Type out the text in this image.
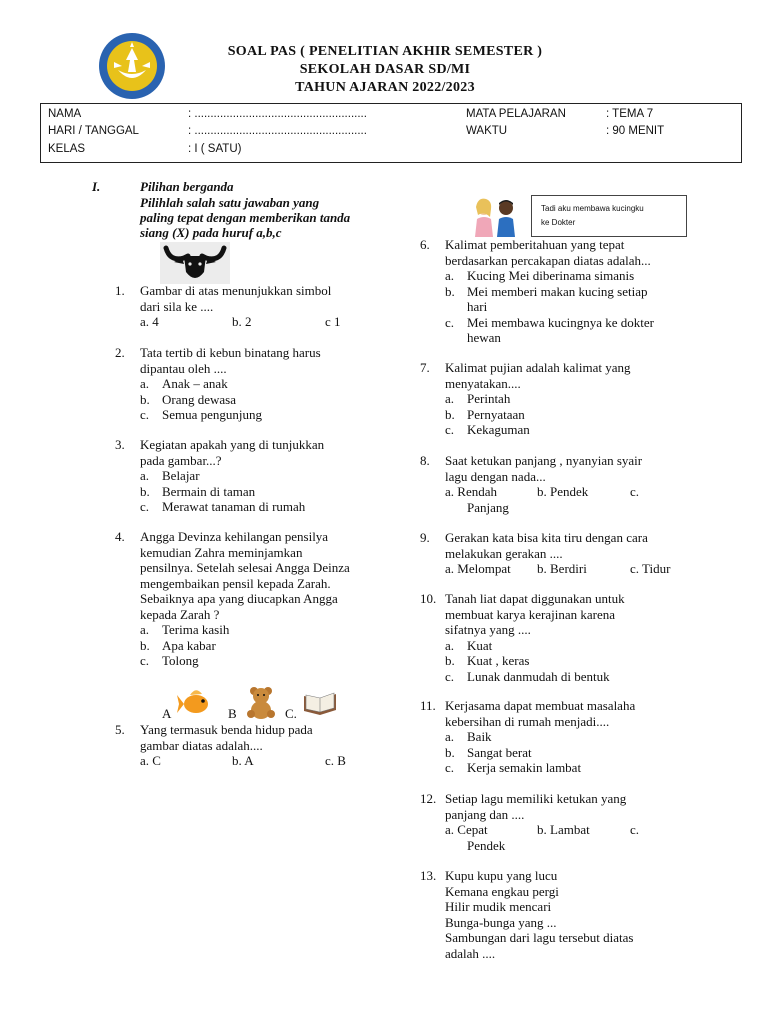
SOAL PAS ( PENELITIAN AKHIR SEMESTER )
SEKOLAH DASAR SD/MI
TAHUN AJARAN 2022/2023
NAMA	: ......................................................
HARI / TANGGAL	: ......................................................
KELAS	: I ( SATU)
MATA PELAJARAN	: TEMA 7
WAKTU	: 90 MENIT
I.	Pilihan berganda
Pilihlah salah satu jawaban yang
paling tepat dengan memberikan tanda
siang (X) pada huruf a,b,c
Tadi aku membawa kucingku
ke Dokter
A	B	C.
1. Gambar di atas menunjukkan simbol
dari sila ke ....
a. 4	b. 2	c 1
2. Tata tertib di kebun binatang harus
dipantau oleh ....
a. Anak – anak
b. Orang dewasa
c. Semua pengunjung
3. Kegiatan apakah yang di tunjukkan
pada gambar...?
a. Belajar
b. Bermain di taman
c. Merawat tanaman di rumah
4. Angga Devinza kehilangan pensilya
kemudian Zahra meminjamkan
pensilnya. Setelah selesai Angga Deinza
mengembaikan pensil kepada Zarah.
Sebaiknya apa yang diucapkan Angga
kepada Zarah ?
a. Terima kasih
b. Apa kabar
c. Tolong
5. Yang termasuk benda hidup pada
gambar diatas adalah....
a. C	b. A	c. B
6. Kalimat pemberitahuan yang tepat
berdasarkan percakapan diatas adalah...
a. Kucing Mei diberinama simanis
b. Mei memberi makan kucing setiap
hari
c. Mei membawa kucingnya ke dokter
hewan
7. Kalimat pujian adalah kalimat yang
menyatakan....
a. Perintah
b. Pernyataan
c. Kekaguman
8. Saat ketukan panjang , nyanyian syair
lagu dengan nada...
a. Rendah	b. Pendek	c.
Panjang
9. Gerakan kata bisa kita tiru dengan cara
melakukan gerakan ....
a. Melompat b. Berdiri	c. Tidur
10. Tanah liat dapat diggunakan untuk
membuat karya kerajinan karena
sifatnya yang ....
a. Kuat
b. Kuat , keras
c. Lunak danmudah di bentuk
11. Kerjasama dapat membuat masalaha
kebersihan di rumah menjadi....
a. Baik
b. Sangat berat
c. Kerja semakin lambat
12. Setiap lagu memiliki ketukan yang
panjang dan ....
a. Cepat	b. Lambat	c.
Pendek
13. Kupu kupu yang lucu
Kemana engkau pergi
Hilir mudik mencari
Bunga-bunga yang ...
Sambungan dari lagu tersebut diatas
adalah ....
